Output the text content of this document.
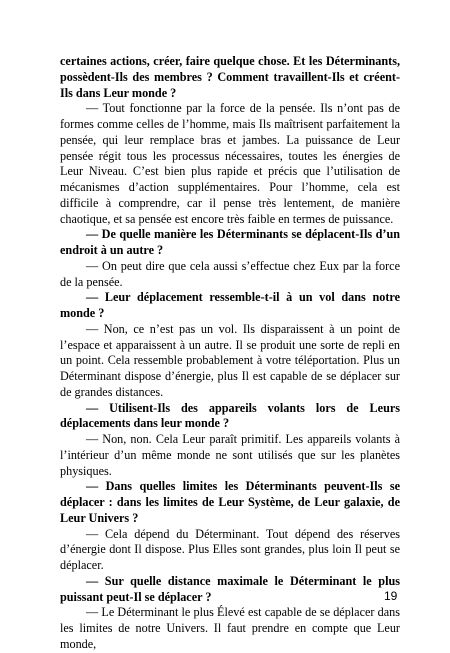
certaines actions, créer, faire quelque chose. Et les Déterminants, possèdent-Ils des membres ? Comment travaillent-Ils et créent-Ils dans Leur monde ?

— Tout fonctionne par la force de la pensée. Ils n’ont pas de formes comme celles de l’homme, mais Ils maîtrisent parfaitement la pensée, qui leur remplace bras et jambes. La puissance de Leur pensée régit tous les processus nécessaires, toutes les énergies de Leur Niveau. C’est bien plus rapide et précis que l’utilisation de mécanismes d’action supplémentaires. Pour l’homme, cela est difficile à comprendre, car il pense très lentement, de manière chaotique, et sa pensée est encore très faible en termes de puissance.

— De quelle manière les Déterminants se déplacent-Ils d’un endroit à un autre ?

— On peut dire que cela aussi s’effectue chez Eux par la force de la pensée.

— Leur déplacement ressemble-t-il à un vol dans notre monde ?

— Non, ce n’est pas un vol. Ils disparaissent à un point de l’espace et apparaissent à un autre. Il se produit une sorte de repli en un point. Cela ressemble probablement à votre téléportation. Plus un Déterminant dispose d’énergie, plus Il est capable de se déplacer sur de grandes distances.

— Utilisent-Ils des appareils volants lors de Leurs déplacements dans leur monde ?

— Non, non. Cela Leur paraît primitif. Les appareils volants à l’intérieur d’un même monde ne sont utilisés que sur les planètes physiques.

— Dans quelles limites les Déterminants peuvent-Ils se déplacer : dans les limites de Leur Système, de Leur galaxie, de Leur Univers ?

— Cela dépend du Déterminant. Tout dépend des réserves d’énergie dont Il dispose. Plus Elles sont grandes, plus loin Il peut se déplacer.

— Sur quelle distance maximale le Déterminant le plus puissant peut-Il se déplacer ?

— Le Déterminant le plus Élevé est capable de se déplacer dans les limites de notre Univers. Il faut prendre en compte que Leur monde,

19
